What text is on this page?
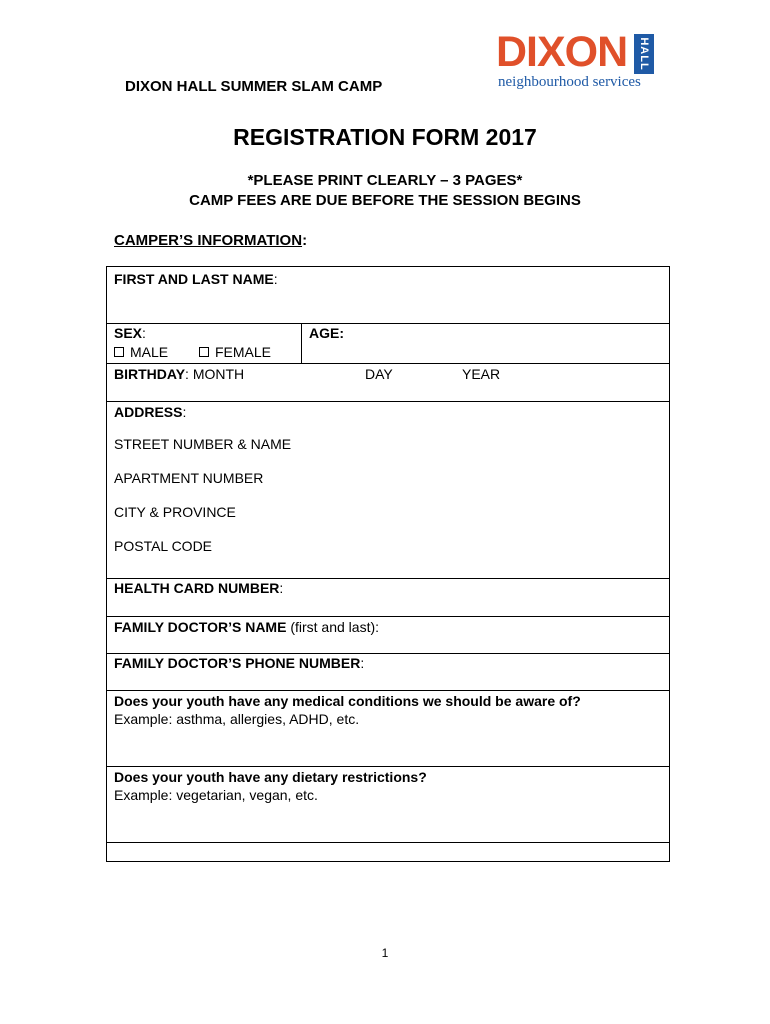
DIXON HALL SUMMER SLAM CAMP
DIXON HALL
neighbourhood services
REGISTRATION FORM 2017
*PLEASE PRINT CLEARLY – 3 PAGES*
CAMP FEES ARE DUE BEFORE THE SESSION BEGINS
CAMPER’S INFORMATION:
FIRST AND LAST NAME:
SEX:
MALE	FEMALE
AGE:
BIRTHDAY: MONTH	DAY	YEAR
ADDRESS:
STREET NUMBER & NAME
APARTMENT NUMBER
CITY & PROVINCE
POSTAL CODE
HEALTH CARD NUMBER:
FAMILY DOCTOR’S NAME (first and last):
FAMILY DOCTOR’S PHONE NUMBER:
Does your youth have any medical conditions we should be aware of?
Example: asthma, allergies, ADHD, etc.
Does your youth have any dietary restrictions?
Example: vegetarian, vegan, etc.
1
